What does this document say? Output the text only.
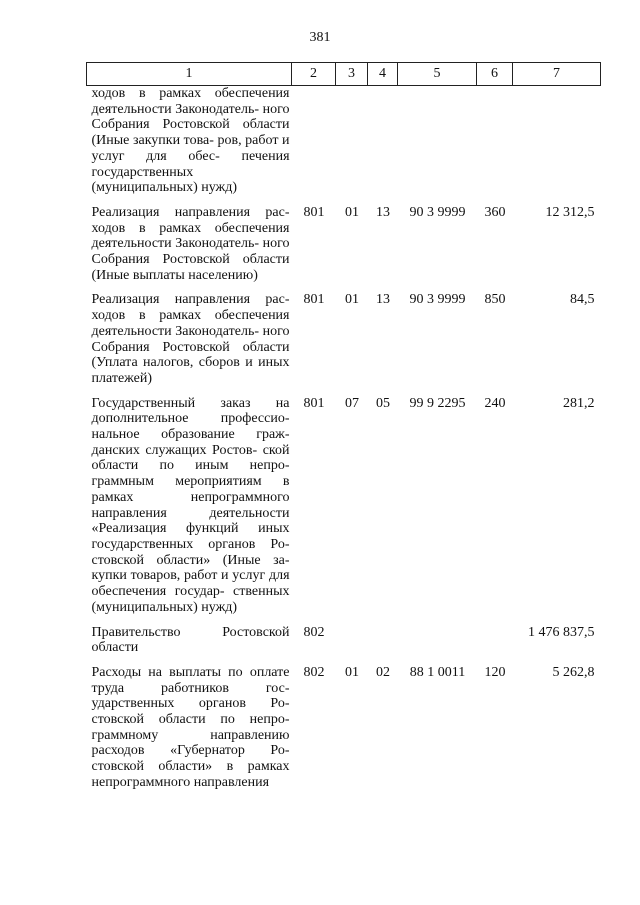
381
1	2	3	4	5	6	7
ходов в рамках обеспечения деятельности Законодатель- ного Собрания Ростовской области (Иные закупки това- ров, работ и услуг для обес- печения государственных (муниципальных) нужд)						
Реализация направления рас- ходов в рамках обеспечения деятельности Законодатель- ного Собрания Ростовской области (Иные выплаты населению)	801	01	13	90 3 9999	360	12 312,5
Реализация направления рас- ходов в рамках обеспечения деятельности Законодатель- ного Собрания Ростовской области (Уплата налогов, сборов и иных платежей)	801	01	13	90 3 9999	850	84,5
Государственный заказ на дополнительное профессио- нальное образование граж- данских служащих Ростов- ской области по иным непро- граммным мероприятиям в рамках непрограммного направления деятельности «Реализация функций иных государственных органов Ро- стовской области» (Иные за- купки товаров, работ и услуг для обеспечения государ- ственных (муниципальных) нужд)	801	07	05	99 9 2295	240	281,2
Правительство Ростовской области	802					1 476 837,5
Расходы на выплаты по оплате труда работников гос- ударственных органов Ро- стовской области по непро- граммному направлению расходов «Губернатор Ро- стовской области» в рамках непрограммного направления	802	01	02	88 1 0011	120	5 262,8
